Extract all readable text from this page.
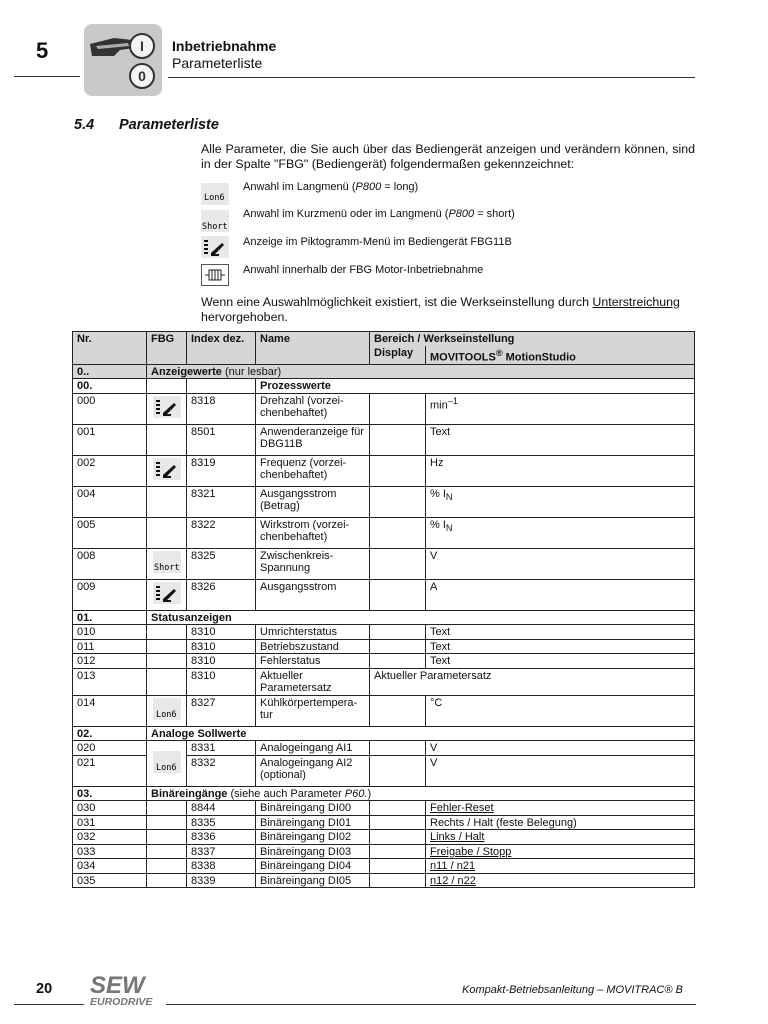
5	I
0
Inbetriebnahme
Parameterliste
5.4 Parameterliste
Alle Parameter, die Sie auch über das Bediengerät anzeigen und verändern können, sind in der Spalte "FBG" (Bediengerät) folgendermaßen gekennzeichnet:
Lon6
Anwahl im Langmenü (P800 = long)
Short
Anwahl im Kurzmenü oder im Langmenü (P800 = short)
Anzeige im Piktogramm-Menü im Bediengerät FBG11B
Anwahl innerhalb der FBG Motor-Inbetriebnahme
Wenn eine Auswahlmöglichkeit existiert, ist die Werkseinstellung durch Unterstreichung hervorgehoben.
Nr.	FBG	Index dez.	Name	Bereich / Werkseinstellung	
				Display	MOVITOOLS® MotionStudio
0..	Anzeigewerte (nur lesbar)				
00.			Prozesswerte		
000		8318	Drehzahl (vorzei-chenbehaftet)		$\min^{-1}$
001		8501	Anwenderanzeige für DBG11B		Text
002		8319	Frequenz (vorzei-chenbehaftet)		Hz
004		8321	Ausgangsstrom (Betrag)		% $I_N$
005		8322	Wirkstrom (vorzei-chenbehaftet)		% $I_N$
008	Short	8325	Zwischenkreis-Spannung		V
009		8326	Ausgangsstrom		A
01.	Statusanzeigen				
010		8310	Umrichterstatus		Text
011		8310	Betriebszustand		Text
012		8310	Fehlerstatus		Text
013		8310	Aktueller Parametersatz	Aktueller Parametersatz	
014	Lon6	8327	Kühlkörpertempera-tur		°C
02.	Analoge Sollwerte				
020	Lon6	8331	Analogeingang AI1		V
021		8332	Analogeingang AI2 (optional)		V
03.	Binäreingänge (siehe auch Parameter P60.)				
030		8844	Binäreingang DI00		Fehler-Reset
031		8335	Binäreingang DI01		Rechts / Halt (feste Belegung)
032		8336	Binäreingang DI02		Links / Halt
033		8337	Binäreingang DI03		Freigabe / Stopp
034		8338	Binäreingang DI04		n11 / n21
035		8339	Binäreingang DI05		n12 / n22
20 SEW
EURODRIVE
Kompakt-Betriebsanleitung – MOVITRAC® B
